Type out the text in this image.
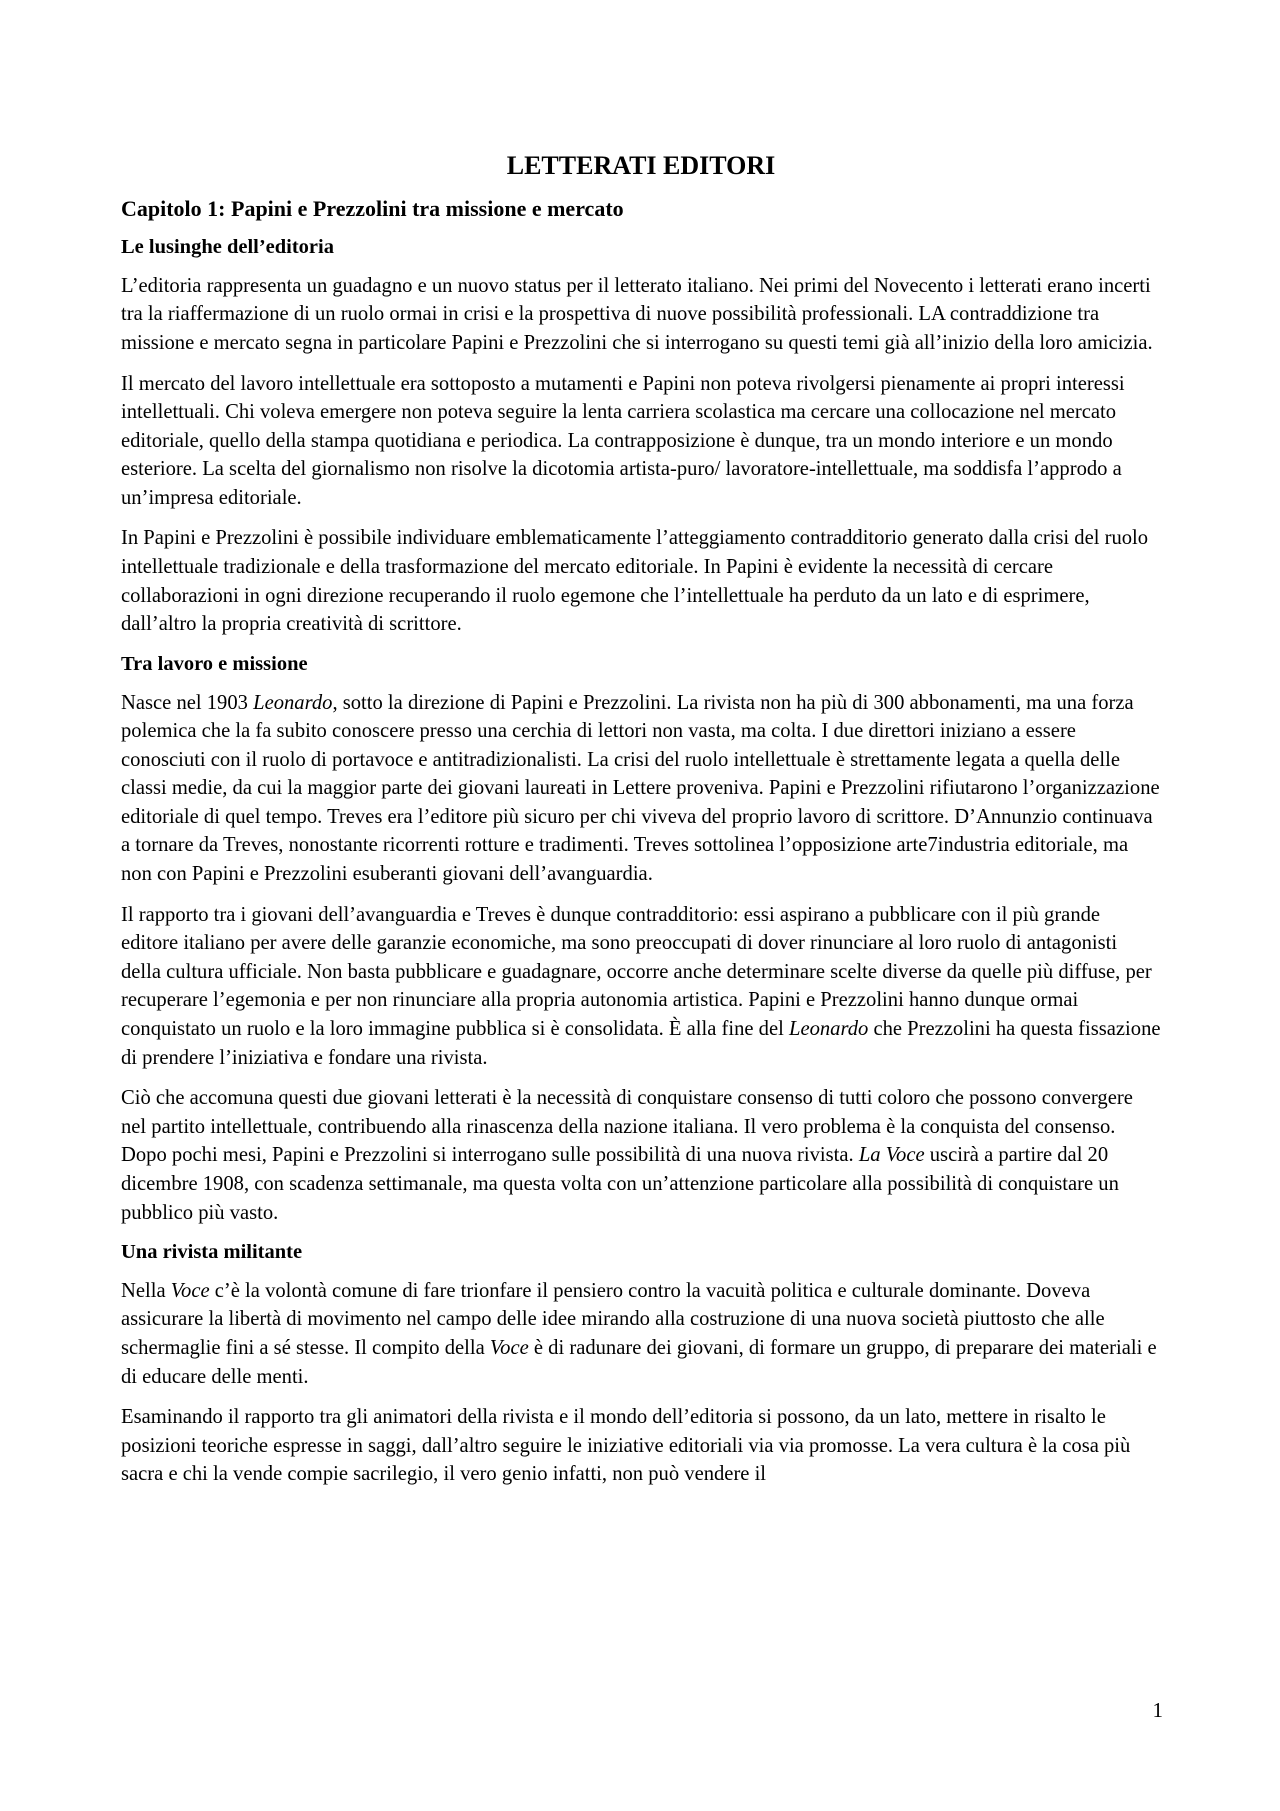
LETTERATI EDITORI
Capitolo 1: Papini e Prezzolini tra missione e mercato
Le lusinghe dell’editoria

L’editoria rappresenta un guadagno e un nuovo status per il letterato italiano. Nei primi del Novecento i letterati erano incerti tra la riaffermazione di un ruolo ormai in crisi e la prospettiva di nuove possibilità professionali. LA contraddizione tra missione e mercato segna in particolare Papini e Prezzolini che si interrogano su questi temi già all’inizio della loro amicizia.

Il mercato del lavoro intellettuale era sottoposto a mutamenti e Papini non poteva rivolgersi pienamente ai propri interessi intellettuali. Chi voleva emergere non poteva seguire la lenta carriera scolastica ma cercare una collocazione nel mercato editoriale, quello della stampa quotidiana e periodica. La contrapposizione è dunque, tra un mondo interiore e un mondo esteriore. La scelta del giornalismo non risolve la dicotomia artista-puro/ lavoratore-intellettuale, ma soddisfa l’approdo a un’impresa editoriale.

In Papini e Prezzolini è possibile individuare emblematicamente l’atteggiamento contradditorio generato dalla crisi del ruolo intellettuale tradizionale e della trasformazione del mercato editoriale. In Papini è evidente la necessità di cercare collaborazioni in ogni direzione recuperando il ruolo egemone che l’intellettuale ha perduto da un lato e di esprimere, dall’altro la propria creatività di scrittore.

Tra lavoro e missione

Nasce nel 1903 Leonardo, sotto la direzione di Papini e Prezzolini. La rivista non ha più di 300 abbonamenti, ma una forza polemica che la fa subito conoscere presso una cerchia di lettori non vasta, ma colta. I due direttori iniziano a essere conosciuti con il ruolo di portavoce e antitradizionalisti. La crisi del ruolo intellettuale è strettamente legata a quella delle classi medie, da cui la maggior parte dei giovani laureati in Lettere proveniva. Papini e Prezzolini rifiutarono l’organizzazione editoriale di quel tempo. Treves era l’editore più sicuro per chi viveva del proprio lavoro di scrittore. D’Annunzio continuava a tornare da Treves, nonostante ricorrenti rotture e tradimenti. Treves sottolinea l’opposizione arte7industria editoriale, ma non con Papini e Prezzolini esuberanti giovani dell’avanguardia.

Il rapporto tra i giovani dell’avanguardia e Treves è dunque contradditorio: essi aspirano a pubblicare con il più grande editore italiano per avere delle garanzie economiche, ma sono preoccupati di dover rinunciare al loro ruolo di antagonisti della cultura ufficiale. Non basta pubblicare e guadagnare, occorre anche determinare scelte diverse da quelle più diffuse, per recuperare l’egemonia e per non rinunciare alla propria autonomia artistica. Papini e Prezzolini hanno dunque ormai conquistato un ruolo e la loro immagine pubblica si è consolidata. È alla fine del Leonardo che Prezzolini ha questa fissazione di prendere l’iniziativa e fondare una rivista.

Ciò che accomuna questi due giovani letterati è la necessità di conquistare consenso di tutti coloro che possono convergere nel partito intellettuale, contribuendo alla rinascenza della nazione italiana. Il vero problema è la conquista del consenso. Dopo pochi mesi, Papini e Prezzolini si interrogano sulle possibilità di una nuova rivista. La Voce uscirà a partire dal 20 dicembre 1908, con scadenza settimanale, ma questa volta con un’attenzione particolare alla possibilità di conquistare un pubblico più vasto.

Una rivista militante

Nella Voce c’è la volontà comune di fare trionfare il pensiero contro la vacuità politica e culturale dominante. Doveva assicurare la libertà di movimento nel campo delle idee mirando alla costruzione di una nuova società piuttosto che alle schermaglie fini a sé stesse. Il compito della Voce è di radunare dei giovani, di formare un gruppo, di preparare dei materiali e di educare delle menti.

Esaminando il rapporto tra gli animatori della rivista e il mondo dell’editoria si possono, da un lato, mettere in risalto le posizioni teoriche espresse in saggi, dall’altro seguire le iniziative editoriali via via promosse. La vera cultura è la cosa più sacra e chi la vende compie sacrilegio, il vero genio infatti, non può vendere il

1
